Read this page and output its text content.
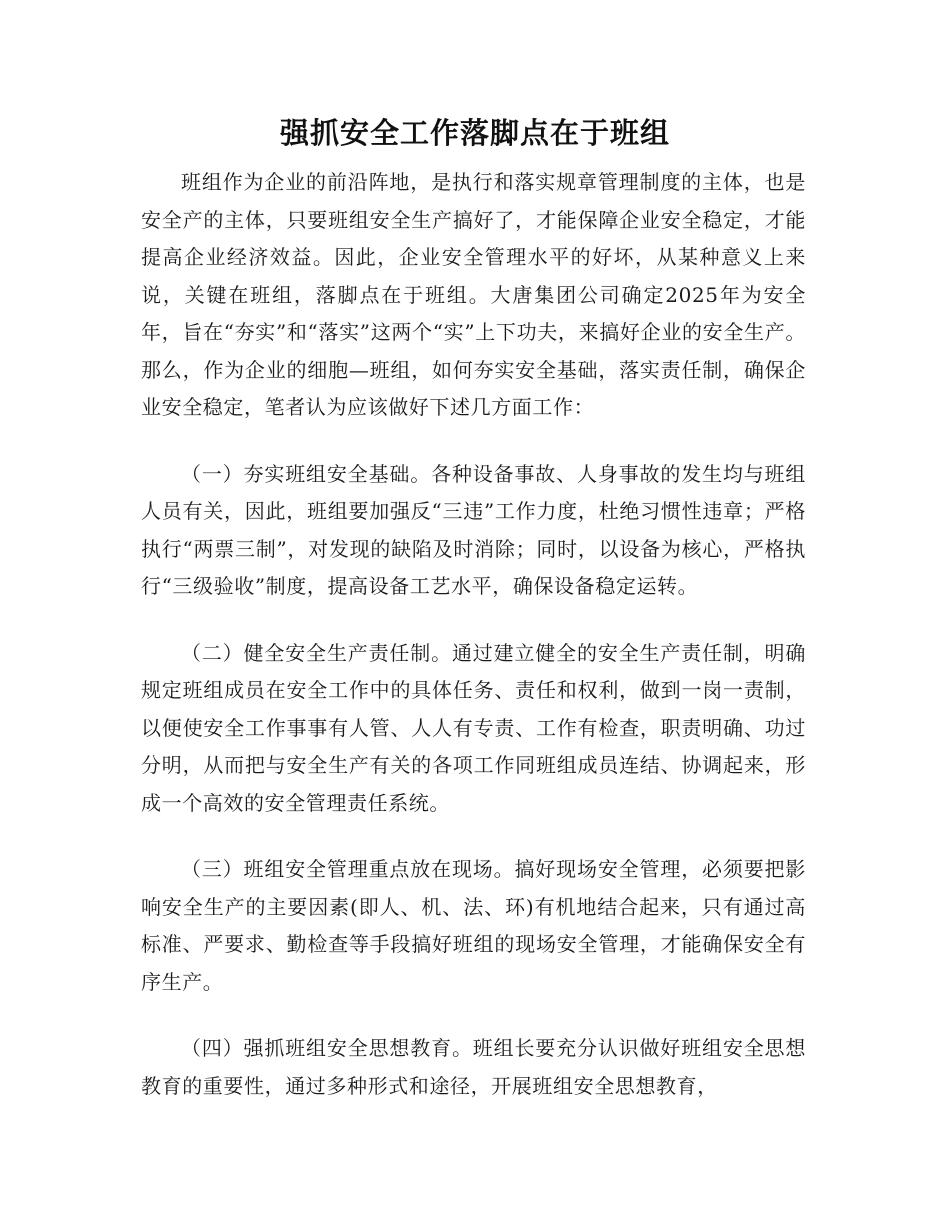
强抓安全工作落脚点在于班组

班组作为企业的前沿阵地，是执行和落实规章管理制度的主体，也是安全产的主体，只要班组安全生产搞好了，才能保障企业安全稳定，才能提高企业经济效益。因此，企业安全管理水平的好坏，从某种意义上来说，关键在班组，落脚点在于班组。大唐集团公司确定2025年为安全年，旨在“夯实”和“落实”这两个“实”上下功夫，来搞好企业的安全生产。那么，作为企业的细胞—班组，如何夯实安全基础，落实责任制，确保企业安全稳定，笔者认为应该做好下述几方面工作：

（一）夯实班组安全基础。各种设备事故、人身事故的发生均与班组人员有关，因此，班组要加强反“三违”工作力度，杜绝习惯性违章；严格执行“两票三制”，对发现的缺陷及时消除；同时，以设备为核心，严格执行“三级验收”制度，提高设备工艺水平，确保设备稳定运转。

（二）健全安全生产责任制。通过建立健全的安全生产责任制，明确规定班组成员在安全工作中的具体任务、责任和权利，做到一岗一责制，以便使安全工作事事有人管、人人有专责、工作有检查，职责明确、功过分明，从而把与安全生产有关的各项工作同班组成员连结、协调起来，形成一个高效的安全管理责任系统。

（三）班组安全管理重点放在现场。搞好现场安全管理，必须要把影响安全生产的主要因素(即人、机、法、环)有机地结合起来，只有通过高标准、严要求、勤检查等手段搞好班组的现场安全管理，才能确保安全有序生产。

（四）强抓班组安全思想教育。班组长要充分认识做好班组安全思想教育的重要性，通过多种形式和途径，开展班组安全思想教育，
